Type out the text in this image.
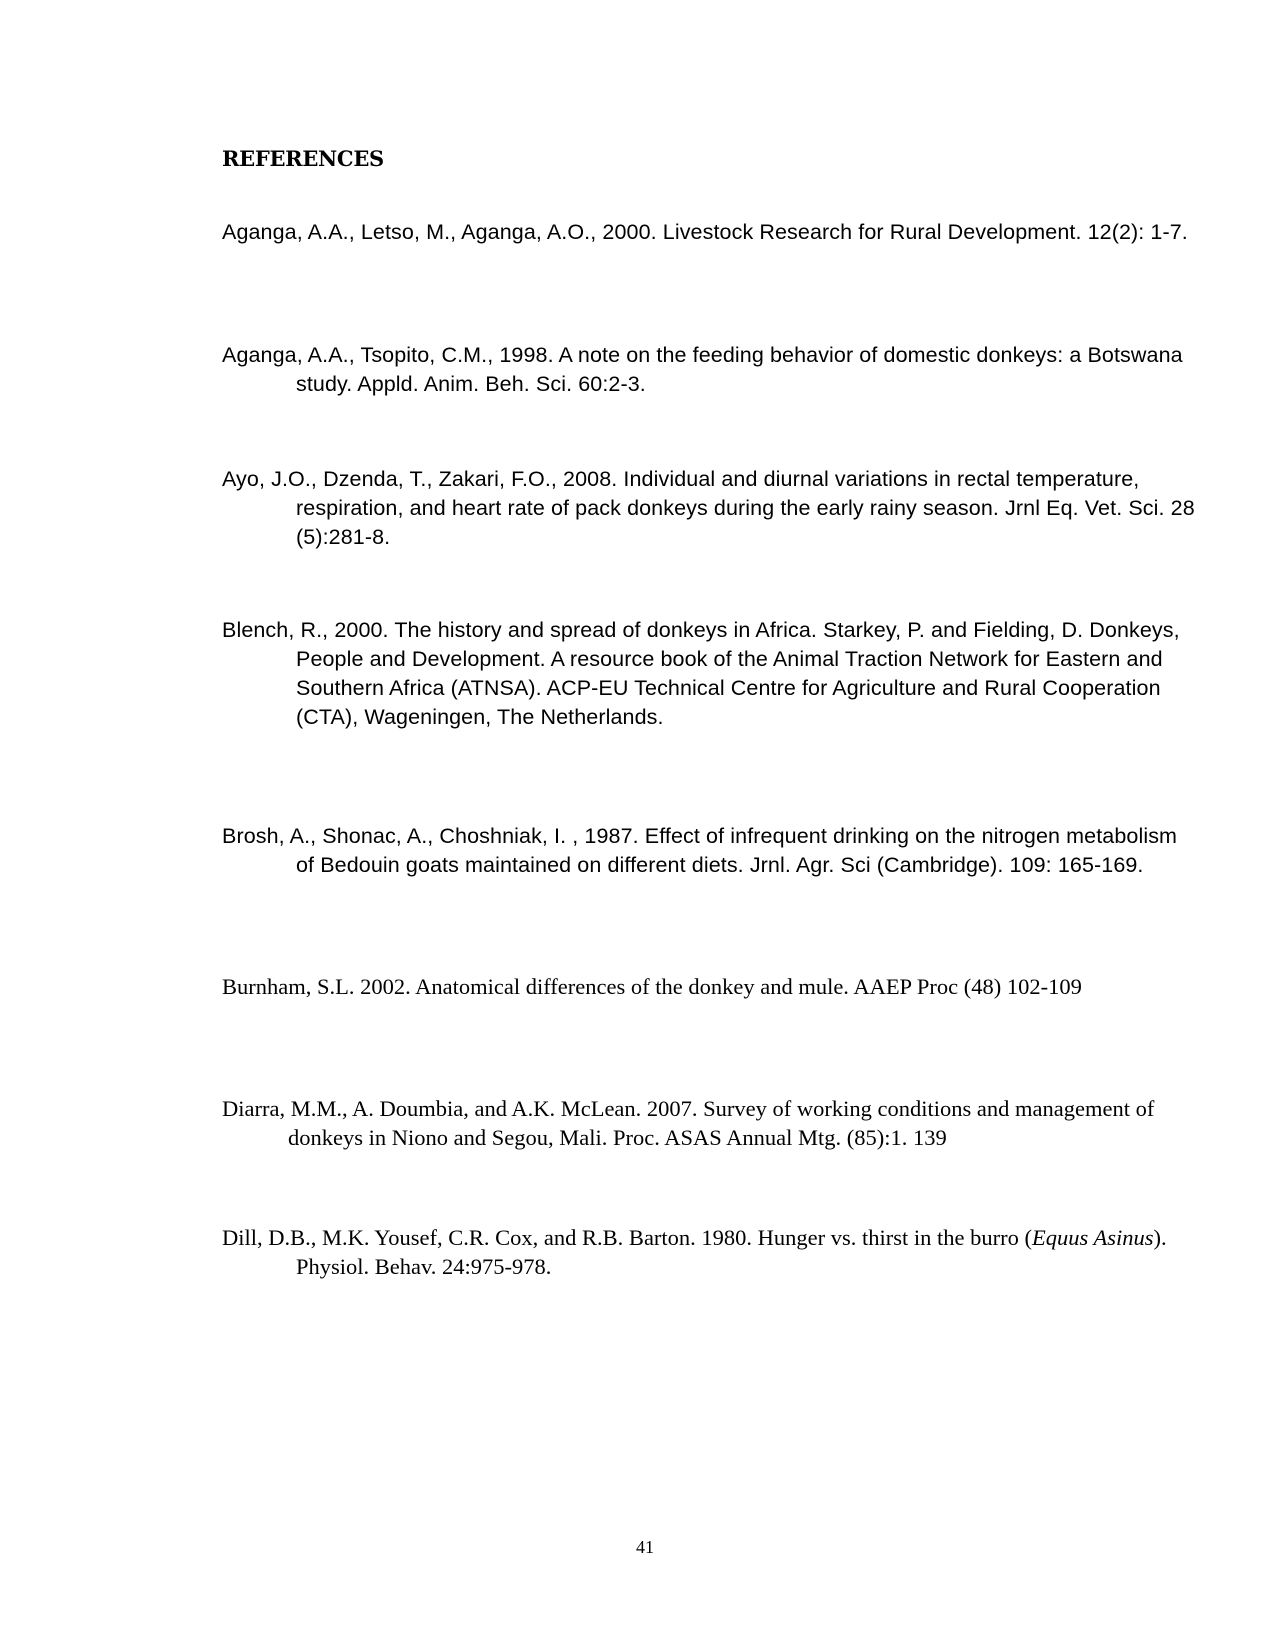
REFERENCES

Aganga, A.A., Letso, M., Aganga, A.O., 2000. Livestock Research for Rural Development. 12(2): 1-7.

Aganga, A.A., Tsopito, C.M., 1998. A note on the feeding behavior of domestic donkeys: a Botswana study. Appld. Anim. Beh. Sci. 60:2-3.

Ayo, J.O., Dzenda, T., Zakari, F.O., 2008. Individual and diurnal variations in rectal temperature, respiration, and heart rate of pack donkeys during the early rainy season. Jrnl Eq. Vet. Sci. 28 (5):281-8.

Blench, R., 2000. The history and spread of donkeys in Africa. Starkey, P. and Fielding, D. Donkeys, People and Development. A resource book of the Animal Traction Network for Eastern and Southern Africa (ATNSA). ACP-EU Technical Centre for Agriculture and Rural Cooperation (CTA), Wageningen, The Netherlands.

Brosh, A., Shonac, A., Choshniak, I. , 1987. Effect of infrequent drinking on the nitrogen metabolism of Bedouin goats maintained on different diets. Jrnl. Agr. Sci (Cambridge). 109: 165-169.

Burnham, S.L. 2002. Anatomical differences of the donkey and mule. AAEP Proc (48) 102-109

Diarra, M.M., A. Doumbia, and A.K. McLean. 2007. Survey of working conditions and management of donkeys in Niono and Segou, Mali. Proc. ASAS Annual Mtg. (85):1. 139

Dill, D.B., M.K. Yousef, C.R. Cox, and R.B. Barton. 1980. Hunger vs. thirst in the burro (Equus Asinus). Physiol. Behav. 24:975-978.

41
